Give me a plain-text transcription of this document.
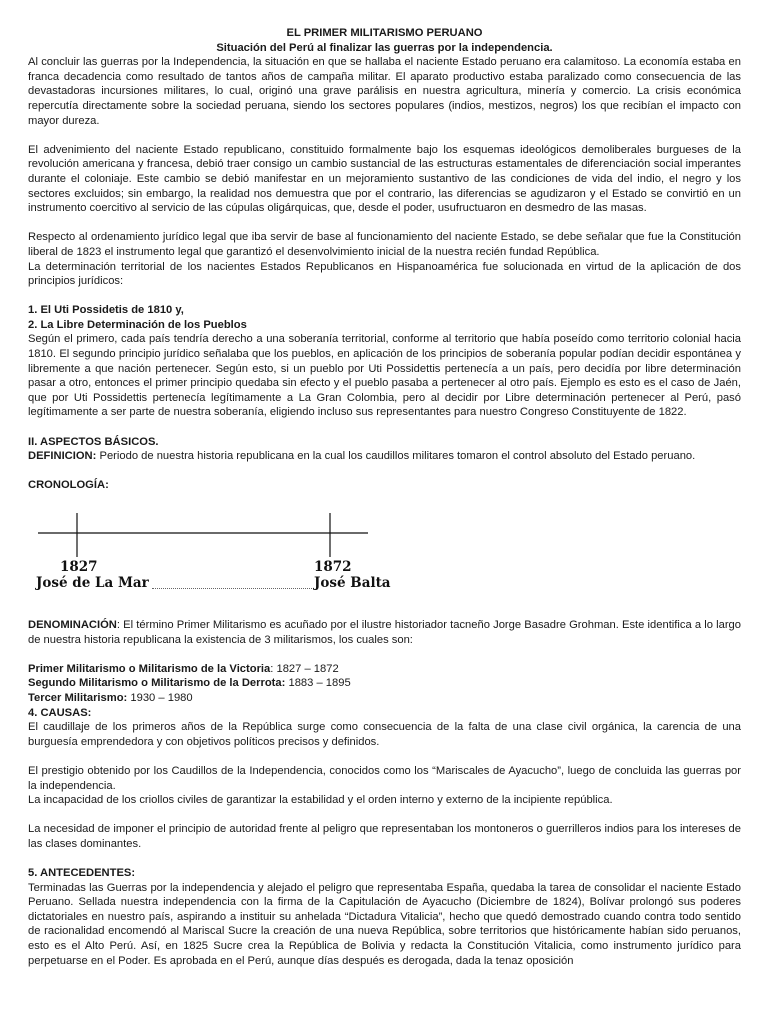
EL PRIMER MILITARISMO PERUANO

Situación del Perú al finalizar las guerras por la independencia.

Al concluir las guerras por la Independencia, la situación en que se hallaba el naciente Estado peruano era calamitoso. La economía estaba en franca decadencia como resultado de tantos años de campaña militar. El aparato productivo estaba paralizado como consecuencia de las devastadoras incursiones militares, lo cual, originó una grave parálisis en nuestra agricultura, minería y comercio. La crisis económica repercutía directamente sobre la sociedad peruana, siendo los sectores populares (indios, mestizos, negros) los que recibían el impacto con mayor dureza.

El advenimiento del naciente Estado republicano, constituido formalmente bajo los esquemas ideológicos demoliberales burgueses de la revolución americana y francesa, debió traer consigo un cambio sustancial de las estructuras estamentales de diferenciación social imperantes durante el coloniaje. Este cambio se debió manifestar en un mejoramiento sustantivo de las condiciones de vida del indio, el negro y los sectores excluidos; sin embargo, la realidad nos demuestra que por el contrario, las diferencias se agudizaron y el Estado se convirtió en un instrumento coercitivo al servicio de las cúpulas oligárquicas, que, desde el poder, usufructuaron en desmedro de las masas.

Respecto al ordenamiento jurídico legal que iba servir de base al funcionamiento del naciente Estado, se debe señalar que fue la Constitución liberal de 1823 el instrumento legal que garantizó el desenvolvimiento inicial de la nuestra recién fundad República.

La determinación territorial de los nacientes Estados Republicanos en Hispanoamérica fue solucionada en virtud de la aplicación de dos principios jurídicos:

1. El Uti Possidetis de 1810 y,

2. La Libre Determinación de los Pueblos

Según el primero, cada país tendría derecho a una soberanía territorial, conforme al territorio que había poseído como territorio colonial hacia 1810. El segundo principio jurídico señalaba que los pueblos, en aplicación de los principios de soberanía popular podían decidir espontánea y libremente a que nación pertenecer. Según esto, si un pueblo por Uti Possidettis pertenecía a un país, pero decidía por libre determinación pasar a otro, entonces el primer principio quedaba sin efecto y el pueblo pasaba a pertenecer al otro país. Ejemplo es esto es el caso de Jaén, que por Uti Possidettis pertenecía legítimamente a La Gran Colombia, pero al decidir por Libre determinación pertenecer al Perú, pasó legítimamente a ser parte de nuestra soberanía, eligiendo incluso sus representantes para nuestro Congreso Constituyente de 1822.

II. ASPECTOS BÁSICOS.

DEFINICION: Periodo de nuestra historia republicana en la cual los caudillos militares tomaron el control absoluto del Estado peruano.

CRONOLOGÍA:

1827
José de La Mar
1872
José Balta

DENOMINACIÓN: El término Primer Militarismo es acuñado por el ilustre historiador tacneño Jorge Basadre Grohman. Este identifica a lo largo de nuestra historia republicana la existencia de 3 militarismos, los cuales son:

Primer Militarismo o Militarismo de la Victoria: 1827 – 1872

Segundo Militarismo o Militarismo de la Derrota: 1883 – 1895

Tercer Militarismo: 1930 – 1980

4. CAUSAS:

El caudillaje de los primeros años de la República surge como consecuencia de la falta de una clase civil orgánica, la carencia de una burguesía emprendedora y con objetivos políticos precisos y definidos.

El prestigio obtenido por los Caudillos de la Independencia, conocidos como los “Mariscales de Ayacucho”, luego de concluida las guerras por la independencia.

La incapacidad de los criollos civiles de garantizar la estabilidad y el orden interno y externo de la incipiente república.

La necesidad de imponer el principio de autoridad frente al peligro que representaban los montoneros o guerrilleros indios para los intereses de las clases dominantes.

5. ANTECEDENTES:

Terminadas las Guerras por la independencia y alejado el peligro que representaba España, quedaba la tarea de consolidar el naciente Estado Peruano. Sellada nuestra independencia con la firma de la Capitulación de Ayacucho (Diciembre de 1824), Bolívar prolongó sus poderes dictatoriales en nuestro país, aspirando a instituir su anhelada “Dictadura Vitalicia”, hecho que quedó demostrado cuando contra todo sentido de racionalidad encomendó al Mariscal Sucre la creación de una nueva República, sobre territorios que históricamente habían sido peruanos, esto es el Alto Perú. Así, en 1825 Sucre crea la República de Bolivia y redacta la Constitución Vitalicia, como instrumento jurídico para perpetuarse en el Poder. Es aprobada en el Perú, aunque días después es derogada, dada la tenaz oposición
